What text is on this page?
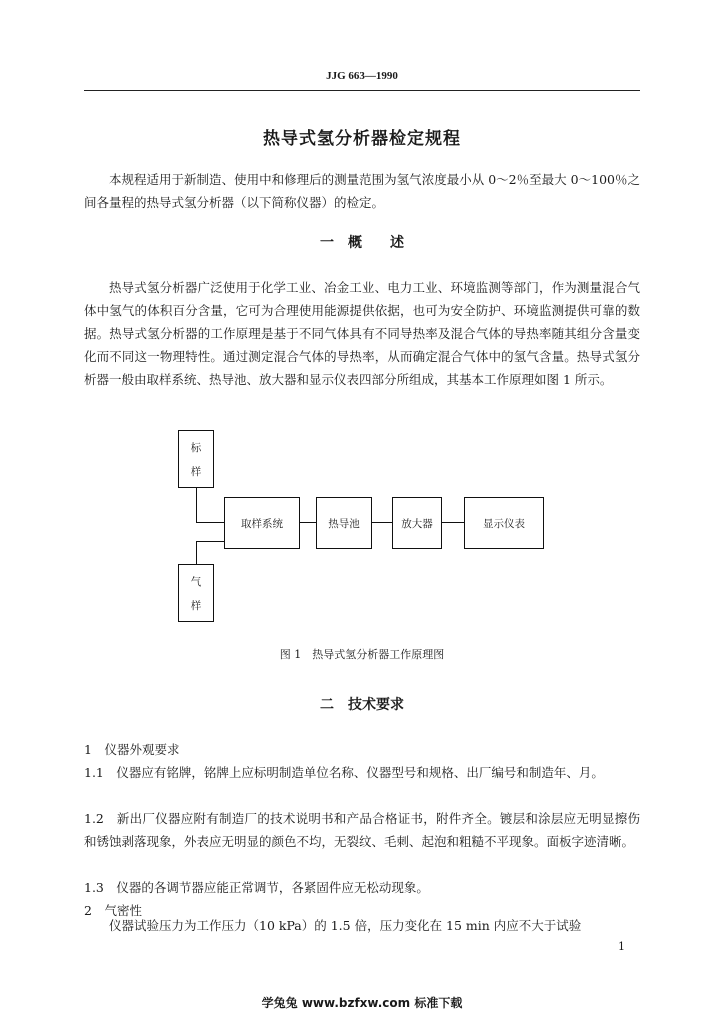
JJG 663—1990
热导式氢分析器检定规程
本规程适用于新制造、使用中和修理后的测量范围为氢气浓度最小从 0～2％至最大 0～100％之间各量程的热导式氢分析器（以下简称仪器）的检定。
一　概　　述
热导式氢分析器广泛使用于化学工业、冶金工业、电力工业、环境监测等部门，作为测量混合气体中氢气的体积百分含量，它可为合理使用能源提供依据，也可为安全防护、环境监测提供可靠的数据。热导式氢分析器的工作原理是基于不同气体具有不同导热率及混合气体的导热率随其组分含量变化而不同这一物理特性。通过测定混合气体的导热率，从而确定混合气体中的氢气含量。热导式氢分析器一般由取样系统、热导池、放大器和显示仪表四部分所组成，其基本工作原理如图 1 所示。
标
样
取样系统	热导池	放大器	显示仪表
气
样
图 1　热导式氢分析器工作原理图
二　技术要求
1　仪器外观要求
1.1　仪器应有铭牌，铭牌上应标明制造单位名称、仪器型号和规格、出厂编号和制造年、月。
1.2　新出厂仪器应附有制造厂的技术说明书和产品合格证书，附件齐全。镀层和涂层应无明显擦伤和锈蚀剥落现象，外表应无明显的颜色不均，无裂纹、毛刺、起泡和粗糙不平现象。面板字迹清晰。
1.3　仪器的各调节器应能正常调节，各紧固件应无松动现象。
2　气密性
仪器试验压力为工作压力（10 kPa）的 1.5 倍，压力变化在 15 min 内应不大于试验
1
学兔兔 www.bzfxw.com 标准下载
